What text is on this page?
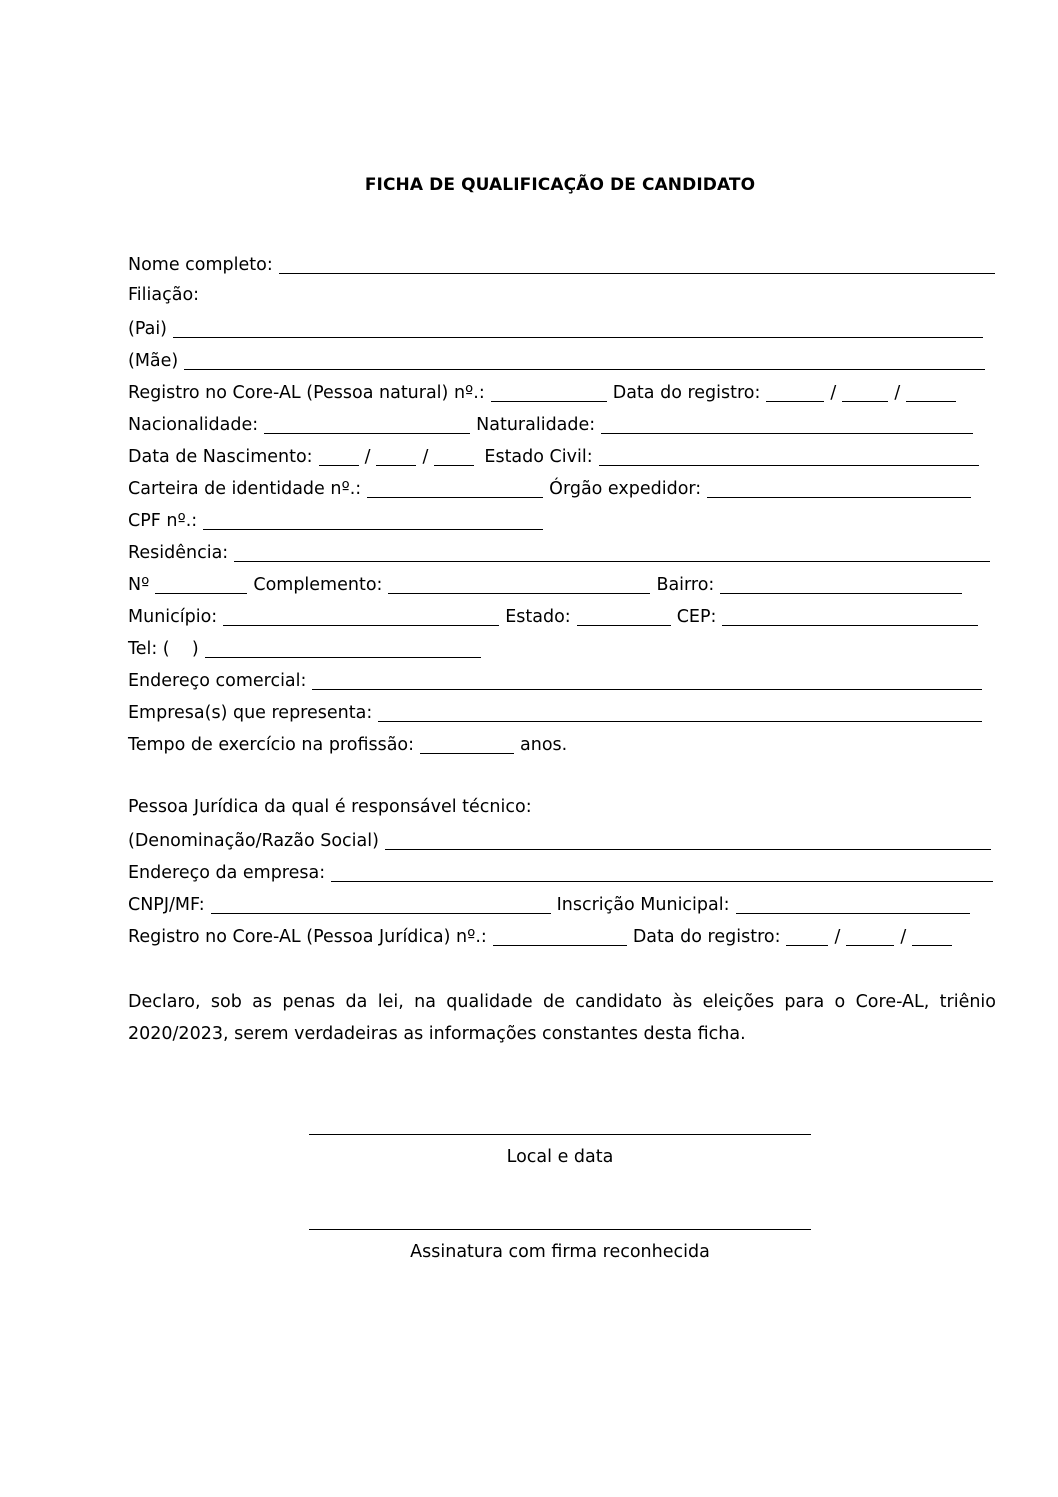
FICHA DE QUALIFICAÇÃO DE CANDIDATO
Nome completo:
Filiação:
(Pai)
(Mãe)
Registro no Core-AL (Pessoa natural) nº.:	Data do registro:	/	/
Nacionalidade:	Naturalidade:
Data de Nascimento:	/	/	Estado Civil:
Carteira de identidade nº.:	Órgão expedidor:
CPF nº.:
Residência:
Nº	Complemento:	Bairro:
Município:	Estado:	CEP:
Tel: (    )
Endereço comercial:
Empresa(s) que representa:
Tempo de exercício na profissão:	anos.
Pessoa Jurídica da qual é responsável técnico:
(Denominação/Razão Social)
Endereço da empresa:
CNPJ/MF:	Inscrição Municipal:
Registro no Core-AL (Pessoa Jurídica) nº.:	Data do registro:	/	/
Declaro, sob as penas da lei, na qualidade de candidato às eleições para o Core-AL, triênio 2020/2023, serem verdadeiras as informações constantes desta ficha.
Local e data
Assinatura com firma reconhecida
